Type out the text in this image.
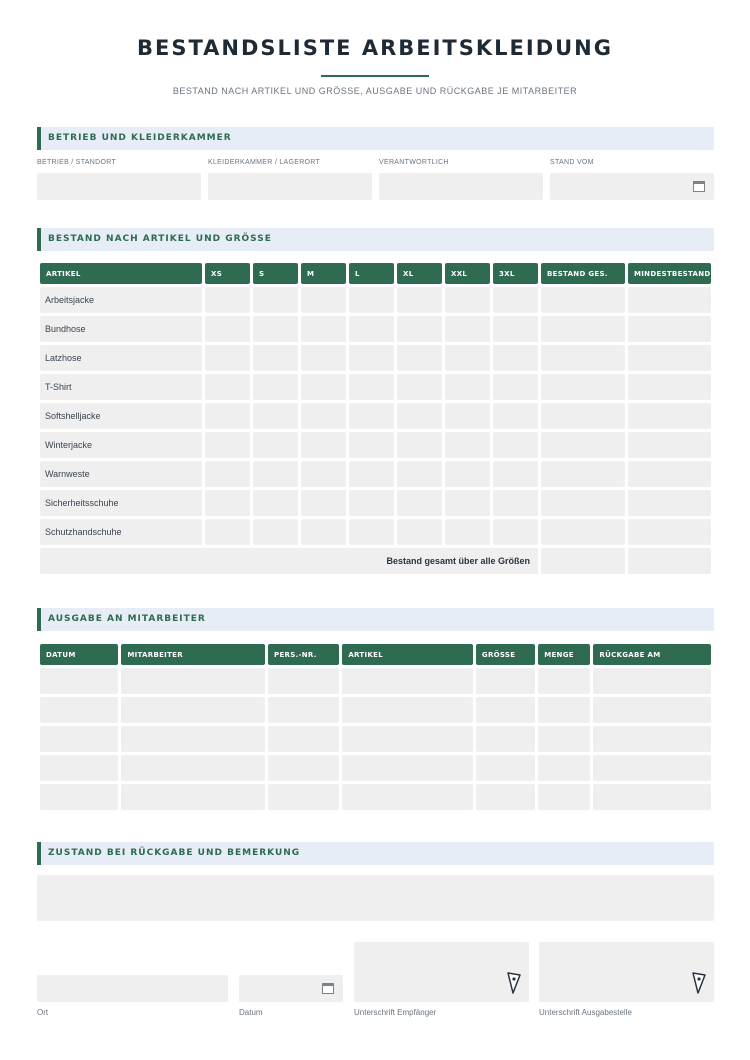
BESTANDSLISTE ARBEITSKLEIDUNG
BESTAND NACH ARTIKEL UND GRÖSSE, AUSGABE UND RÜCKGABE JE MITARBEITER
BETRIEB UND KLEIDERKAMMER
BETRIEB / STANDORT	KLEIDERKAMMER / LAGERORT	VERANTWORTLICH	STAND VOM
BESTAND NACH ARTIKEL UND GRÖSSE
ARTIKEL	XS	S	M	L	XL	XXL	3XL	BESTAND GES.	MINDESTBESTAND
Arbeitsjacke									
Bundhose									
Latzhose									
T-Shirt									
Softshelljacke									
Winterjacke									
Warnweste									
Sicherheitsschuhe									
Schutzhandschuhe									
Bestand gesamt über alle Größen									
AUSGABE AN MITARBEITER
DATUM	MITARBEITER	PERS.-NR.	ARTIKEL	GRÖSSE	MENGE	RÜCKGABE AM

ZUSTAND BEI RÜCKGABE UND BEMERKUNG
Ort	Datum	Unterschrift Empfänger	Unterschrift Ausgabestelle
